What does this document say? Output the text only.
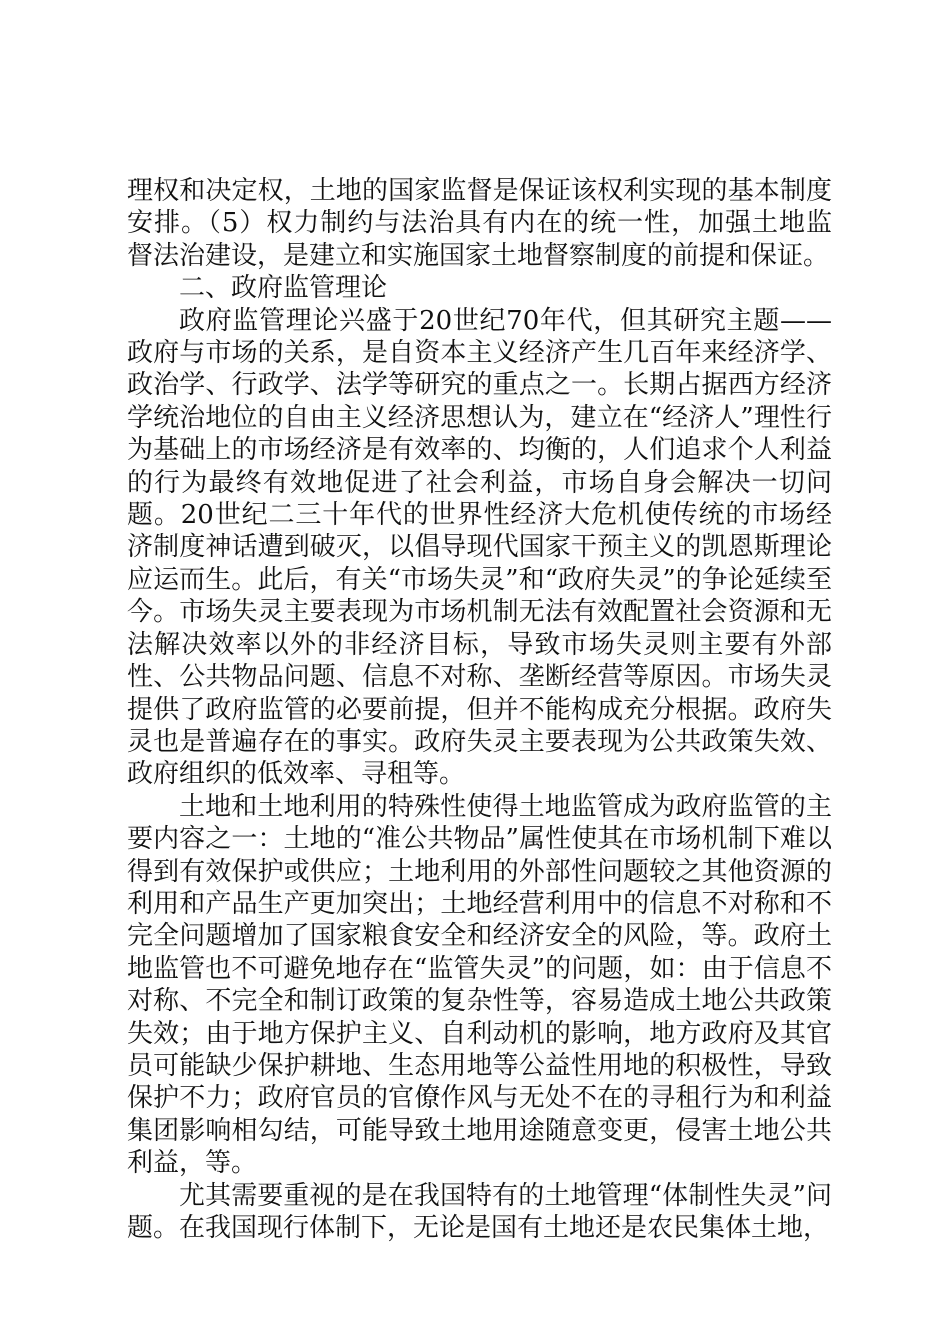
理权和决定权，土地的国家监督是保证该权利实现的基本制度安排。（5）权力制约与法治具有内在的统一性，加强土地监督法治建设，是建立和实施国家土地督察制度的前提和保证。

二、政府监管理论

政府监管理论兴盛于20世纪70年代，但其研究主题——政府与市场的关系，是自资本主义经济产生几百年来经济学、政治学、行政学、法学等研究的重点之一。长期占据西方经济学统治地位的自由主义经济思想认为，建立在“经济人”理性行为基础上的市场经济是有效率的、均衡的，人们追求个人利益的行为最终有效地促进了社会利益，市场自身会解决一切问题。20世纪二三十年代的世界性经济大危机使传统的市场经济制度神话遭到破灭，以倡导现代国家干预主义的凯恩斯理论应运而生。此后，有关“市场失灵”和“政府失灵”的争论延续至今。市场失灵主要表现为市场机制无法有效配置社会资源和无法解决效率以外的非经济目标，导致市场失灵则主要有外部性、公共物品问题、信息不对称、垄断经营等原因。市场失灵提供了政府监管的必要前提，但并不能构成充分根据。政府失灵也是普遍存在的事实。政府失灵主要表现为公共政策失效、政府组织的低效率、寻租等。

土地和土地利用的特殊性使得土地监管成为政府监管的主要内容之一：土地的“准公共物品”属性使其在市场机制下难以得到有效保护或供应；土地利用的外部性问题较之其他资源的利用和产品生产更加突出；土地经营利用中的信息不对称和不完全问题增加了国家粮食安全和经济安全的风险，等。政府土地监管也不可避免地存在“监管失灵”的问题，如：由于信息不对称、不完全和制订政策的复杂性等，容易造成土地公共政策失效；由于地方保护主义、自利动机的影响，地方政府及其官员可能缺少保护耕地、生态用地等公益性用地的积极性，导致保护不力；政府官员的官僚作风与无处不在的寻租行为和利益集团影响相勾结，可能导致土地用途随意变更，侵害土地公共利益，等。

尤其需要重视的是在我国特有的土地管理“体制性失灵”问题。在我国现行体制下，无论是国有土地还是农民集体土地，
